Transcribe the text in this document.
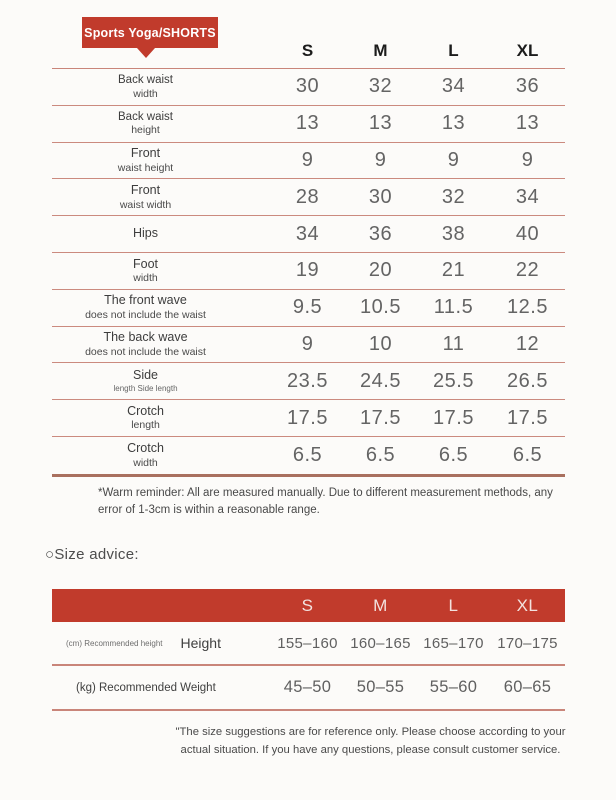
Sports Yoga/SHORTS
S	M	L	XL
Back waist
width	30	32	34	36
Back waist
height	13	13	13	13
Front
waist height	9	9	9	9
Front
waist width	28	30	32	34
Hips	34	36	38	40
Foot
width	19	20	21	22
The front wave
does not include the waist	9.5	10.5	11.5	12.5
The back wave
does not include the waist	9	10	11	12
Side
length Side length	23.5	24.5	25.5	26.5
Crotch
length	17.5	17.5	17.5	17.5
Crotch
width	6.5	6.5	6.5	6.5
*Warm reminder: All are measured manually. Due to different measurement methods, any error of 1-3cm is within a reasonable range.
○Size advice:
S	M	L	XL
(cm) Recommended height Height	155–160 160–165 165–170 170–175
(kg) Recommended Weight	45–50	50–55	55–60	60–65
"The size suggestions are for reference only. Please choose according to your actual situation. If you have any questions, please consult customer service.
